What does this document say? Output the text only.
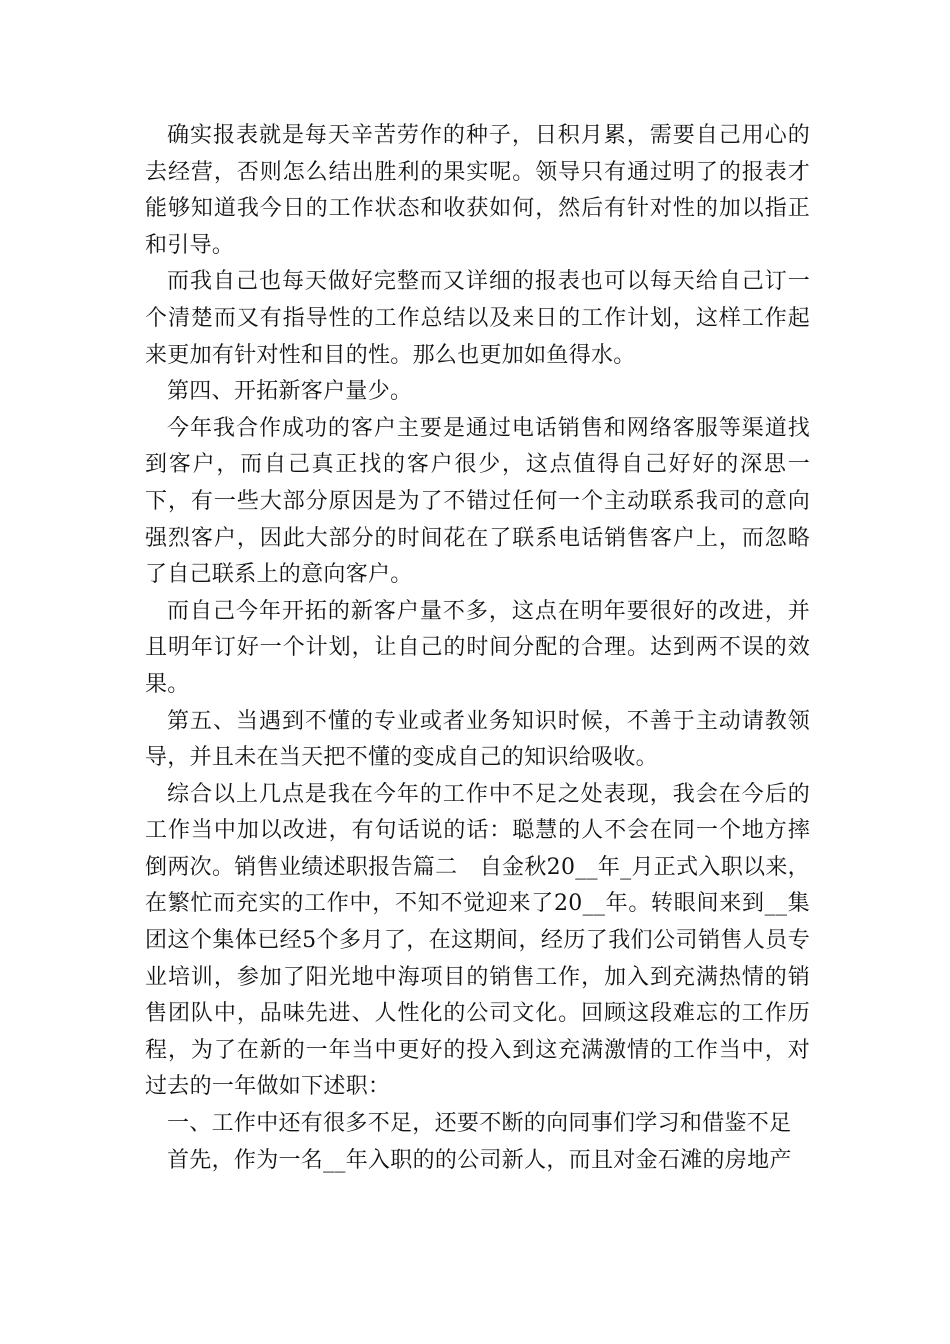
确实报表就是每天辛苦劳作的种子，日积月累，需要自己用心的去经营，否则怎么结出胜利的果实呢。领导只有通过明了的报表才能够知道我今日的工作状态和收获如何，然后有针对性的加以指正和引导。

而我自己也每天做好完整而又详细的报表也可以每天给自己订一个清楚而又有指导性的工作总结以及来日的工作计划，这样工作起来更加有针对性和目的性。那么也更加如鱼得水。

第四、开拓新客户量少。

今年我合作成功的客户主要是通过电话销售和网络客服等渠道找到客户，而自己真正找的客户很少，这点值得自己好好的深思一下，有一些大部分原因是为了不错过任何一个主动联系我司的意向强烈客户，因此大部分的时间花在了联系电话销售客户上，而忽略了自己联系上的意向客户。

而自己今年开拓的新客户量不多，这点在明年要很好的改进，并且明年订好一个计划，让自己的时间分配的合理。达到两不误的效果。

第五、当遇到不懂的专业或者业务知识时候，不善于主动请教领导，并且未在当天把不懂的变成自己的知识给吸收。

综合以上几点是我在今年的工作中不足之处表现，我会在今后的工作当中加以改进，有句话说的话：聪慧的人不会在同一个地方摔倒两次。销售业绩述职报告篇二　自金秋20__年_月正式入职以来，在繁忙而充实的工作中，不知不觉迎来了20__年。转眼间来到__集团这个集体已经5个多月了，在这期间，经历了我们公司销售人员专业培训，参加了阳光地中海项目的销售工作，加入到充满热情的销售团队中，品味先进、人性化的公司文化。回顾这段难忘的工作历程，为了在新的一年当中更好的投入到这充满激情的工作当中，对过去的一年做如下述职：

一、工作中还有很多不足，还要不断的向同事们学习和借鉴不足

首先，作为一名__年入职的的公司新人，而且对金石滩的房地产
